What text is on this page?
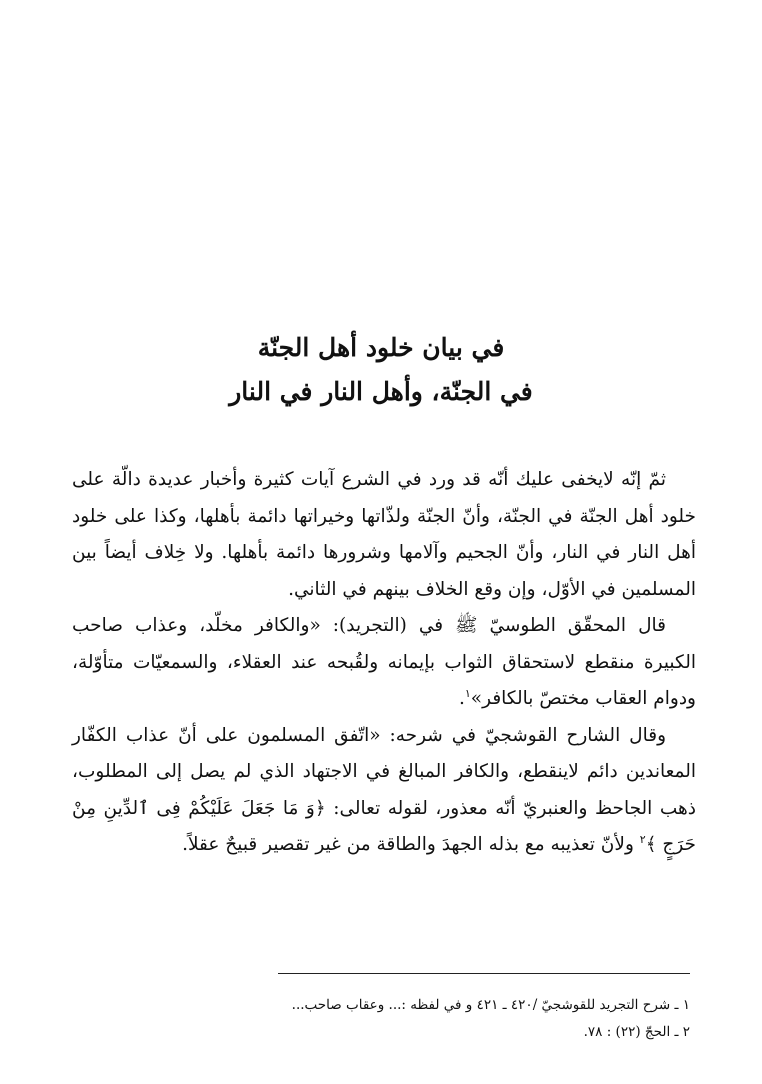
في بيان خلود أهل الجنّة
في الجنّة، وأهل النار في النار

ثمّ إنّه لايخفى عليك أنّه قد ورد في الشرع آيات كثيرة وأخبار عديدة دالّة على خلود أهل الجنّة في الجنّة، وأنّ الجنّة ولذّاتها وخيراتها دائمة بأهلها، وكذا على خلود أهل النار في النار، وأنّ الجحيم وآلامها وشرورها دائمة بأهلها. ولا خِلاف أيضاً بين المسلمين في الأوّل، وإن وقع الخلاف بينهم في الثاني.

قال المحقّق الطوسيّ ﷺ في (التجريد): «والكافر مخلّد، وعذاب صاحب الكبيرة منقطع لاستحقاق الثواب بإيمانه ولقُبحه عند العقلاء، والسمعيّات متأوّلة، ودوام العقاب مختصّ بالكافر»$^١$.

وقال الشارح القوشجيّ في شرحه: «اتّفق المسلمون على أنّ عذاب الكفّار المعاندين دائم لاينقطع، والكافر المبالغ في الاجتهاد الذي لم يصل إلى المطلوب، ذهب الجاحظ والعنبريّ أنّه معذور، لقوله تعالى: ﴿وَ مَا جَعَلَ عَلَيْكُمْ فِى ٱلدِّينِ مِنْ حَرَجٍ ﴾$^٢$ ولأنّ تعذيبه مع بذله الجهدَ والطاقة من غير تقصير قبيحٌ عقلاً.

١ ـ شرح التجريد للقوشجيّ /٤٢٠ ـ ٤٢١ و في لفظه :... وعقاب صاحب...
٢ ـ الحجّ (٢٢) : ٧٨.
